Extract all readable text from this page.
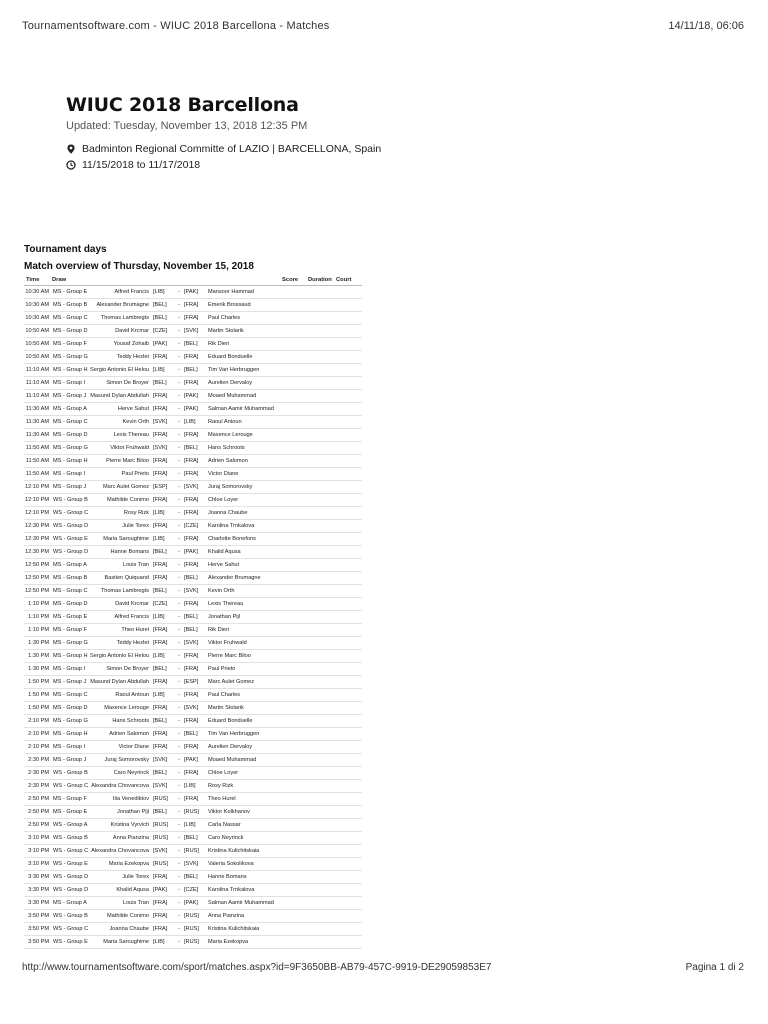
Tournamentsoftware.com - WIUC 2018 Barcellona - Matches	14/11/18, 06:06
WIUC 2018 Barcellona
Updated: Tuesday, November 13, 2018 12:35 PM
Badminton Regional Committe of LAZIO | BARCELLONA, Spain
11/15/2018 to 11/17/2018
Tournament days
Match overview of Thursday, November 15, 2018
Time	Draw						Score	Duration	Court
10:30 AM	MS - Group E	Alfred Francis	[LIB]	-	[PAK]	Mansoor Hammad			
10:30 AM	MS - Group B	Alexander Brumagne	[BEL]	-	[FRA]	Emerik Brossaud			
10:30 AM	MS - Group C	Thomas Lambregts	[BEL]	-	[FRA]	Paul Charles			
10:50 AM	MS - Group D	David Krcmar	[CZE]	-	[SVK]	Martin Stolarik			
10:50 AM	MS - Group F	Yousaf Zohaib	[PAK]	-	[BEL]	Rik Dieri			
10:50 AM	MS - Group G	Teddy Hezlet	[FRA]	-	[FRA]	Eduard Bonduelle			
11:10 AM	MS - Group H	Sergio Antonio El Helou	[LIB]	-	[BEL]	Tim Van Herbruggen			
11:10 AM	MS - Group I	Simon De Broyer	[BEL]	-	[FRA]	Aurelien Dervaloy			
11:10 AM	MS - Group J	Masund Dylan Abdullah	[FRA]	-	[PAK]	Moaed Muhammad			
11:30 AM	MS - Group A	Herve Sahut	[FRA]	-	[PAK]	Salman Aamir Muhammad			
11:30 AM	MS - Group C	Kevin Orth	[SVK]	-	[LIB]	Raoul Antoun			
11:30 AM	MS - Group D	Lexis Thereau	[FRA]	-	[FRA]	Maxence Lerouge			
11:50 AM	MS - Group G	Viktor Fruhwald	[SVK]	-	[BEL]	Hans Schroots			
11:50 AM	MS - Group H	Pierre Marc Biloo	[FRA]	-	[FRA]	Adrien Salomon			
11:50 AM	MS - Group I	Paul Prieto	[FRA]	-	[FRA]	Victor Diane			
12:10 PM	MS - Group J	Marc Aulet Gomez	[ESP]	-	[SVK]	Juraj Somorovsky			
12:10 PM	WS - Group B	Mathilde Conimo	[FRA]	-	[FRA]	Chloe Loyer			
12:10 PM	WS - Group C	Rosy Rizk	[LIB]	-	[FRA]	Joanna Chaube			
12:30 PM	WS - Group D	Julie Torex	[FRA]	-	[CZE]	Karolina Trnkalova			
12:30 PM	WS - Group E	Maria Saroughime	[LIB]	-	[FRA]	Charlotte Bonefons			
12:30 PM	WS - Group D	Hanne Bomans	[BEL]	-	[PAK]	Khalid Aqusa			
12:50 PM	MS - Group A	Louis Tran	[FRA]	-	[FRA]	Herve Sahut			
12:50 PM	MS - Group B	Bastien Quiquand	[FRA]	-	[BEL]	Alexander Brumagne			
12:50 PM	MS - Group C	Thomas Lambregts	[BEL]	-	[SVK]	Kevin Orth			
1:10 PM	MS - Group D	David Krcmar	[CZE]	-	[FRA]	Lexis Thereau			
1:10 PM	MS - Group E	Alfred Francis	[LIB]	-	[BEL]	Jonathan Pijl			
1:10 PM	MS - Group F	Theo Hurel	[FRA]	-	[BEL]	Rik Dieri			
1:30 PM	MS - Group G	Teddy Hezlet	[FRA]	-	[SVK]	Viktor Fruhwald			
1:30 PM	MS - Group H	Sergio Antonio El Helou	[LIB]	-	[FRA]	Pierre Marc Biloo			
1:30 PM	MS - Group I	Simon De Broyer	[BEL]	-	[FRA]	Paul Prieto			
1:50 PM	MS - Group J	Masund Dylan Abdullah	[FRA]	-	[ESP]	Marc Aulet Gomez			
1:50 PM	MS - Group C	Raoul Antoun	[LIB]	-	[FRA]	Paul Charles			
1:50 PM	MS - Group D	Maxence Lerouge	[FRA]	-	[SVK]	Martin Stolarik			
2:10 PM	MS - Group G	Hans Schroots	[BEL]	-	[FRA]	Eduard Bonduelle			
2:10 PM	MS - Group H	Adrien Salomon	[FRA]	-	[BEL]	Tim Van Herbruggen			
2:10 PM	MS - Group I	Victor Diane	[FRA]	-	[FRA]	Aurelien Dervaloy			
2:30 PM	MS - Group J	Juraj Somorovsky	[SVK]	-	[PAK]	Moaed Muhammad			
2:30 PM	WS - Group B	Caro Neyrinck	[BEL]	-	[FRA]	Chloe Loyer			
2:30 PM	WS - Group C	Alexandra Chovancova	[SVK]	-	[LIB]	Rosy Rizk			
2:50 PM	MS - Group F	Ilia Venediktov	[RUS]	-	[FRA]	Theo Hurel			
2:50 PM	MS - Group E	Jonathan Pijl	[BEL]	-	[RUS]	Viktor Kolkhanov			
2:50 PM	WS - Group A	Kristina Vyrvich	[RUS]	-	[LIB]	Carla Nassar			
3:10 PM	WS - Group B	Anna Pianzina	[RUS]	-	[BEL]	Caro Neyrinck			
3:10 PM	WS - Group C	Alexandra Chovancova	[SVK]	-	[RUS]	Kristina Kulichitskaia			
3:10 PM	WS - Group E	Maria Ezekopva	[RUS]	-	[SVK]	Valeria Sokolikova			
3:30 PM	WS - Group D	Julie Torex	[FRA]	-	[BEL]	Hanne Bomans			
3:30 PM	WS - Group D	Khalid Aqusa	[PAK]	-	[CZE]	Karolina Trnkalova			
3:30 PM	MS - Group A	Louis Tran	[FRA]	-	[PAK]	Salman Aamir Muhammad			
3:50 PM	WS - Group B	Mathilde Conimo	[FRA]	-	[RUS]	Anna Pianzina			
3:50 PM	WS - Group C	Joanna Chaube	[FRA]	-	[RUS]	Kristina Kulichitskaia			
3:50 PM	WS - Group E	Maria Saroughime	[LIB]	-	[RUS]	Maria Ezekopva			
http://www.tournamentsoftware.com/sport/matches.aspx?id=9F3650BB-AB79-457C-9919-DE29059853E7	Pagina 1 di 2
